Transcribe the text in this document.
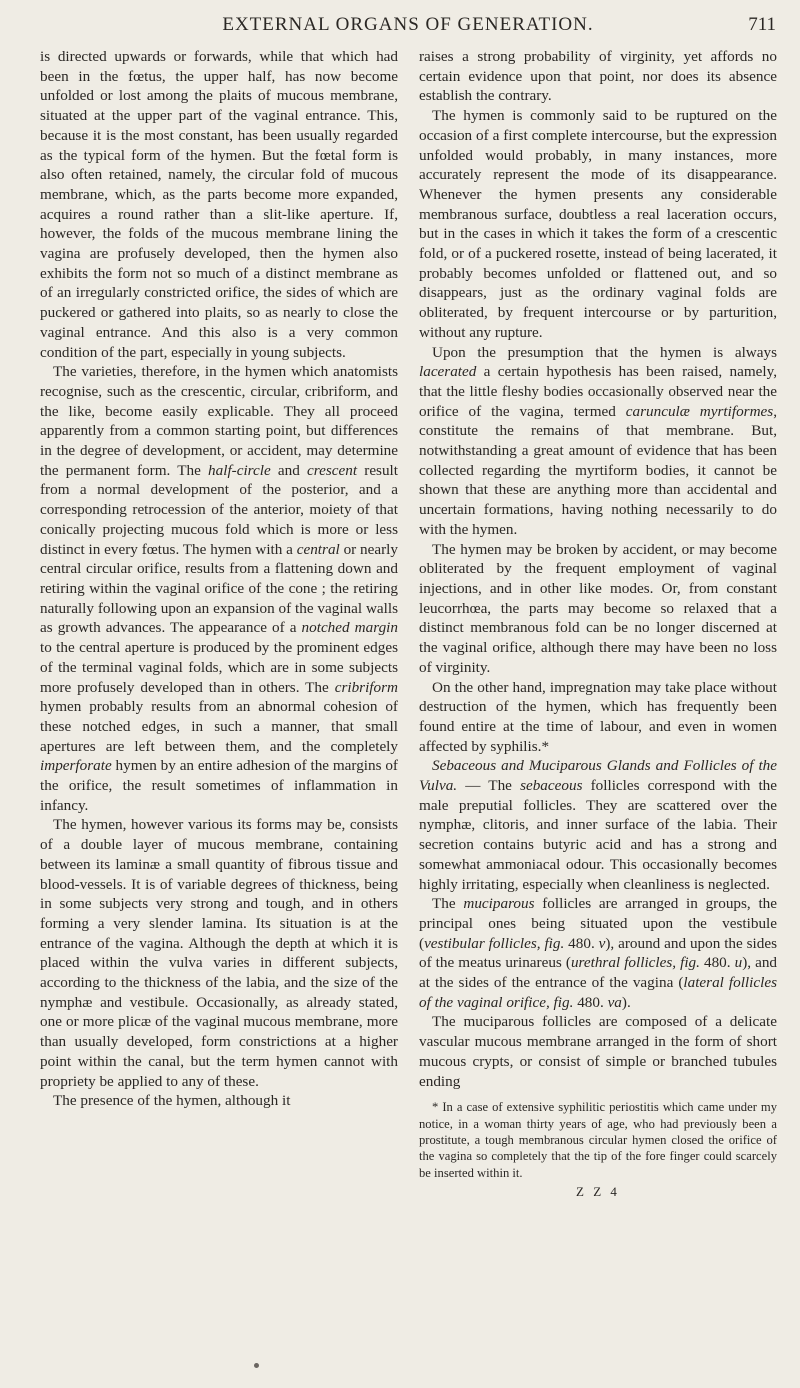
EXTERNAL ORGANS OF GENERATION.	711

is directed upwards or forwards, while that which had been in the fœtus, the upper half, has now become unfolded or lost among the plaits of mucous membrane, situated at the upper part of the vaginal entrance. This, because it is the most constant, has been usually regarded as the typical form of the hymen. But the fœtal form is also often retained, namely, the circular fold of mucous membrane, which, as the parts become more expanded, acquires a round rather than a slit-like aperture. If, however, the folds of the mucous membrane lining the vagina are profusely developed, then the hymen also exhibits the form not so much of a distinct membrane as of an irregularly constricted orifice, the sides of which are puckered or gathered into plaits, so as nearly to close the vaginal entrance. And this also is a very common condition of the part, especially in young subjects.

The varieties, therefore, in the hymen which anatomists recognise, such as the crescentic, circular, cribriform, and the like, become easily explicable. They all proceed apparently from a common starting point, but differences in the degree of development, or accident, may determine the permanent form. The half-circle and crescent result from a normal development of the posterior, and a corresponding retrocession of the anterior, moiety of that conically projecting mucous fold which is more or less distinct in every fœtus. The hymen with a central or nearly central circular orifice, results from a flattening down and retiring within the vaginal orifice of the cone ; the retiring naturally following upon an expansion of the vaginal walls as growth advances. The appearance of a notched margin to the central aperture is produced by the prominent edges of the terminal vaginal folds, which are in some subjects more profusely developed than in others. The cribriform hymen probably results from an abnormal cohesion of these notched edges, in such a manner, that small apertures are left between them, and the completely imperforate hymen by an entire adhesion of the margins of the orifice, the result sometimes of inflammation in infancy.

The hymen, however various its forms may be, consists of a double layer of mucous membrane, containing between its laminæ a small quantity of fibrous tissue and blood-vessels. It is of variable degrees of thickness, being in some subjects very strong and tough, and in others forming a very slender lamina. Its situation is at the entrance of the vagina. Although the depth at which it is placed within the vulva varies in different subjects, according to the thickness of the labia, and the size of the nymphæ and vestibule. Occasionally, as already stated, one or more plicæ of the vaginal mucous membrane, more than usually developed, form constrictions at a higher point within the canal, but the term hymen cannot with propriety be applied to any of these.

The presence of the hymen, although it

raises a strong probability of virginity, yet affords no certain evidence upon that point, nor does its absence establish the contrary.

The hymen is commonly said to be ruptured on the occasion of a first complete intercourse, but the expression unfolded would probably, in many instances, more accurately represent the mode of its disappearance. Whenever the hymen presents any considerable membranous surface, doubtless a real laceration occurs, but in the cases in which it takes the form of a crescentic fold, or of a puckered rosette, instead of being lacerated, it probably becomes unfolded or flattened out, and so disappears, just as the ordinary vaginal folds are obliterated, by frequent intercourse or by parturition, without any rupture.

Upon the presumption that the hymen is always lacerated a certain hypothesis has been raised, namely, that the little fleshy bodies occasionally observed near the orifice of the vagina, termed carunculæ myrtiformes, constitute the remains of that membrane. But, notwithstanding a great amount of evidence that has been collected regarding the myrtiform bodies, it cannot be shown that these are anything more than accidental and uncertain formations, having nothing necessarily to do with the hymen.

The hymen may be broken by accident, or may become obliterated by the frequent employment of vaginal injections, and in other like modes. Or, from constant leucorrhœa, the parts may become so relaxed that a distinct membranous fold can be no longer discerned at the vaginal orifice, although there may have been no loss of virginity.

On the other hand, impregnation may take place without destruction of the hymen, which has frequently been found entire at the time of labour, and even in women affected by syphilis.*

Sebaceous and Muciparous Glands and Follicles of the Vulva. — The sebaceous follicles correspond with the male preputial follicles. They are scattered over the nymphæ, clitoris, and inner surface of the labia. Their secretion contains butyric acid and has a strong and somewhat ammoniacal odour. This occasionally becomes highly irritating, especially when cleanliness is neglected.

The muciparous follicles are arranged in groups, the principal ones being situated upon the vestibule (vestibular follicles, fig. 480. v), around and upon the sides of the meatus urinareus (urethral follicles, fig. 480. u), and at the sides of the entrance of the vagina (lateral follicles of the vaginal orifice, fig. 480. va).

The muciparous follicles are composed of a delicate vascular mucous membrane arranged in the form of short mucous crypts, or consist of simple or branched tubules ending

* In a case of extensive syphilitic periostitis which came under my notice, in a woman thirty years of age, who had previously been a prostitute, a tough membranous circular hymen closed the orifice of the vagina so completely that the tip of the fore finger could scarcely be inserted within it.
Z Z 4
